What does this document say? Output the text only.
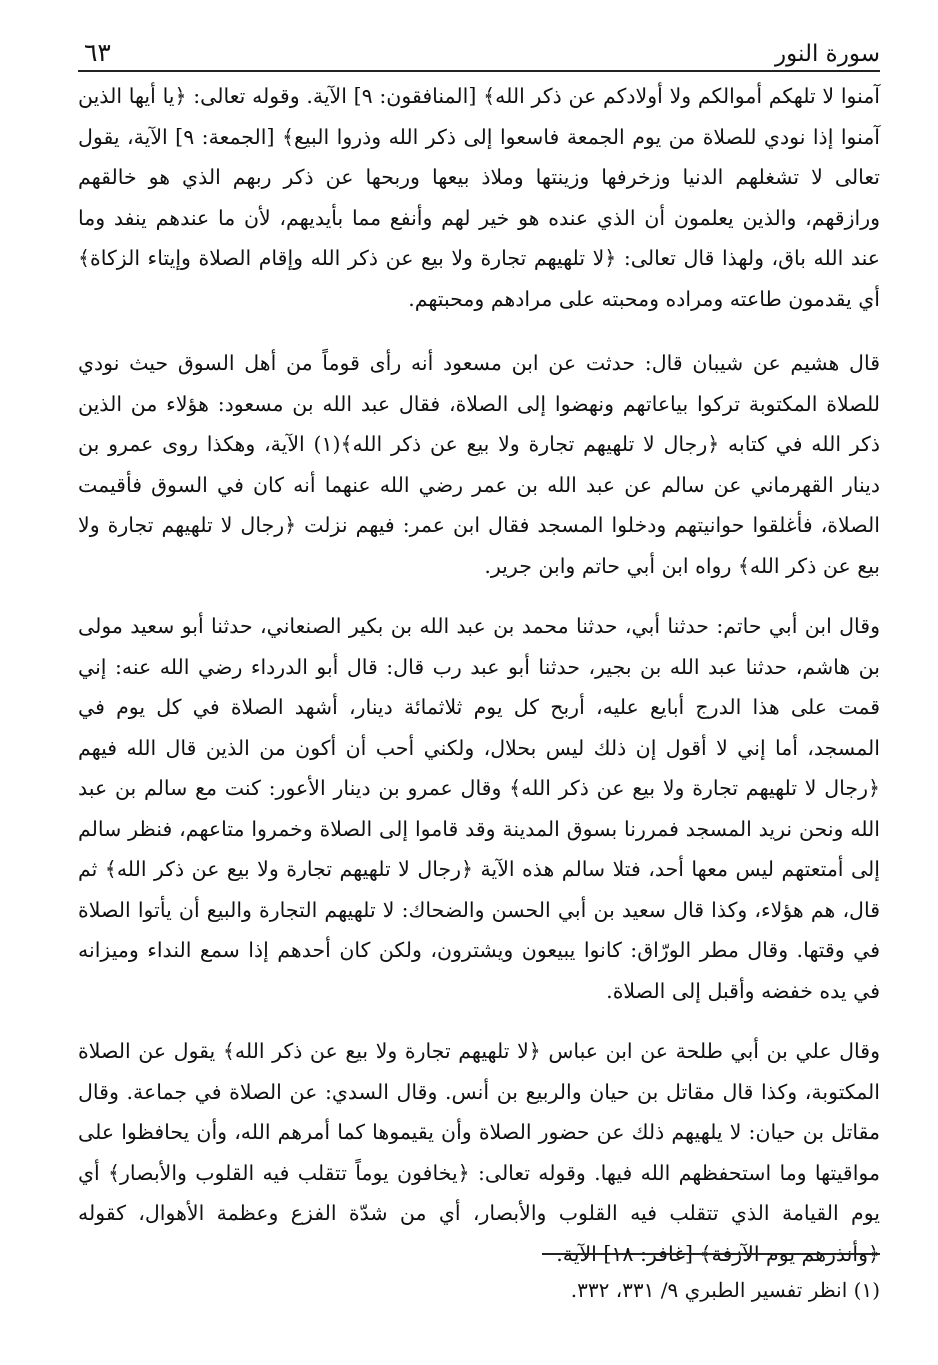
٦٣	سورة النور

آمنوا لا تلهكم أموالكم ولا أولادكم عن ذكر الله﴾ [المنافقون: ٩] الآية. وقوله تعالى: ﴿يا أيها الذين آمنوا إذا نودي للصلاة من يوم الجمعة فاسعوا إلى ذكر الله وذروا البيع﴾ [الجمعة: ٩] الآية، يقول تعالى لا تشغلهم الدنيا وزخرفها وزينتها وملاذ بيعها وربحها عن ذكر ربهم الذي هو خالقهم ورازقهم، والذين يعلمون أن الذي عنده هو خير لهم وأنفع مما بأيديهم، لأن ما عندهم ينفد وما عند الله باق، ولهذا قال تعالى: ﴿لا تلهيهم تجارة ولا بيع عن ذكر الله وإقام الصلاة وإيتاء الزكاة﴾ أي يقدمون طاعته ومراده ومحبته على مرادهم ومحبتهم.

قال هشيم عن شيبان قال: حدثت عن ابن مسعود أنه رأى قوماً من أهل السوق حيث نودي للصلاة المكتوبة تركوا بياعاتهم ونهضوا إلى الصلاة، فقال عبد الله بن مسعود: هؤلاء من الذين ذكر الله في كتابه ﴿رجال لا تلهيهم تجارة ولا بيع عن ذكر الله﴾(١) الآية، وهكذا روى عمرو بن دينار القهرماني عن سالم عن عبد الله بن عمر رضي الله عنهما أنه كان في السوق فأقيمت الصلاة، فأغلقوا حوانيتهم ودخلوا المسجد فقال ابن عمر: فيهم نزلت ﴿رجال لا تلهيهم تجارة ولا بيع عن ذكر الله﴾ رواه ابن أبي حاتم وابن جرير.

وقال ابن أبي حاتم: حدثنا أبي، حدثنا محمد بن عبد الله بن بكير الصنعاني، حدثنا أبو سعيد مولى بن هاشم، حدثنا عبد الله بن بجير، حدثنا أبو عبد رب قال: قال أبو الدرداء رضي الله عنه: إني قمت على هذا الدرج أبايع عليه، أربح كل يوم ثلاثمائة دينار، أشهد الصلاة في كل يوم في المسجد، أما إني لا أقول إن ذلك ليس بحلال، ولكني أحب أن أكون من الذين قال الله فيهم ﴿رجال لا تلهيهم تجارة ولا بيع عن ذكر الله﴾ وقال عمرو بن دينار الأعور: كنت مع سالم بن عبد الله ونحن نريد المسجد فمررنا بسوق المدينة وقد قاموا إلى الصلاة وخمروا متاعهم، فنظر سالم إلى أمتعتهم ليس معها أحد، فتلا سالم هذه الآية ﴿رجال لا تلهيهم تجارة ولا بيع عن ذكر الله﴾ ثم قال، هم هؤلاء، وكذا قال سعيد بن أبي الحسن والضحاك: لا تلهيهم التجارة والبيع أن يأتوا الصلاة في وقتها. وقال مطر الورّاق: كانوا يبيعون ويشترون، ولكن كان أحدهم إذا سمع النداء وميزانه في يده خفضه وأقبل إلى الصلاة.

وقال علي بن أبي طلحة عن ابن عباس ﴿لا تلهيهم تجارة ولا بيع عن ذكر الله﴾ يقول عن الصلاة المكتوبة، وكذا قال مقاتل بن حيان والربيع بن أنس. وقال السدي: عن الصلاة في جماعة. وقال مقاتل بن حيان: لا يلهيهم ذلك عن حضور الصلاة وأن يقيموها كما أمرهم الله، وأن يحافظوا على مواقيتها وما استحفظهم الله فيها. وقوله تعالى: ﴿يخافون يوماً تتقلب فيه القلوب والأبصار﴾ أي يوم القيامة الذي تتقلب فيه القلوب والأبصار، أي من شدّة الفزع وعظمة الأهوال، كقوله ﴿وأنذرهم يوم الآزفة﴾ [غافر: ١٨] الآية.

(١) انظر تفسير الطبري ٩/ ٣٣١، ٣٣٢.
